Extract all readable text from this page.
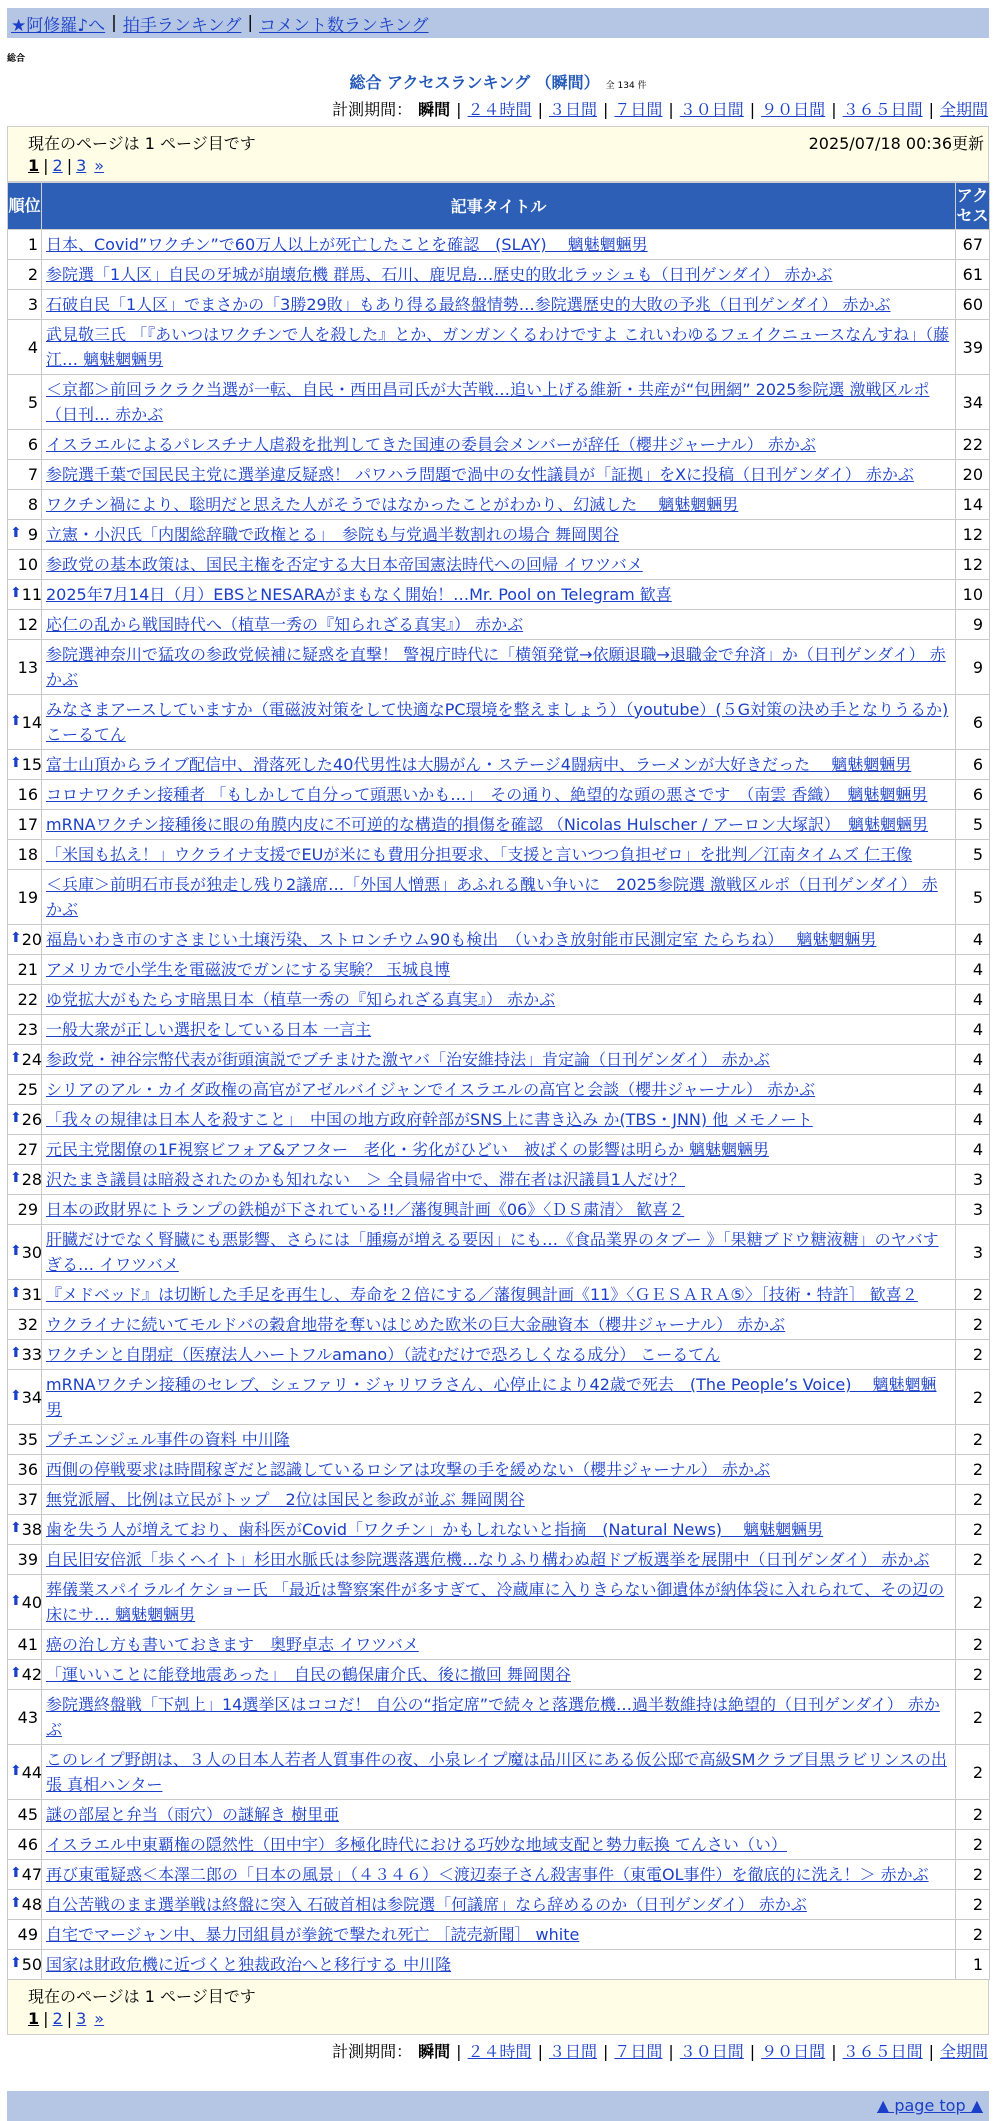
★阿修羅♪へ | 拍手ランキング | コメント数ランキング
総合
総合 アクセスランキング （瞬間） 全 134 件
計測期間： 瞬間 | ２４時間 | ３日間 | ７日間 | ３０日間 | ９０日間 | ３６５日間 | 全期間
現在のページは 1 ページ目です	2025/07/18 00:36更新
1 | 2 | 3 »
順位	記事タイトル	アクセス
1	日本、Covid”ワクチン”で60万人以上が死亡したことを確認　(SLAY)　 魑魅魍魎男	67
2	参院選「1人区」自民の牙城が崩壊危機 群馬、石川、鹿児島…歴史的敗北ラッシュも（日刊ゲンダイ） 赤かぶ	61
3	石破自民「1人区」でまさかの「3勝29敗」もあり得る最終盤情勢…参院選歴史的大敗の予兆（日刊ゲンダイ） 赤かぶ	60
4	武見敬三氏 「『あいつはワクチンで人を殺した』とか、ガンガンくるわけですよ これいわゆるフェイクニュースなんすね」（藤江… 魑魅魍魎男	39
5	＜京都＞前回ラクラク当選が一転、自民・西田昌司氏が大苦戦…追い上げる維新・共産が“包囲網” 2025参院選 激戦区ルポ（日刊… 赤かぶ	34
6	イスラエルによるパレスチナ人虐殺を批判してきた国連の委員会メンバーが辞任（櫻井ジャーナル） 赤かぶ	22
7	参院選千葉で国民民主党に選挙違反疑惑！ パワハラ問題で渦中の女性議員が「証拠」をXに投稿（日刊ゲンダイ） 赤かぶ	20
8	ワクチン禍により、聡明だと思えた人がそうではなかったことがわかり、幻滅した　 魑魅魍魎男	14

⬆ 9	立憲・小沢氏「内閣総辞職で政権とる」　参院も与党過半数割れの場合 舞岡関谷	12
10	参政党の基本政策は、国民主権を否定する大日本帝国憲法時代への回帰 イワツバメ	12

⬆ 11	2025年7月14日（月）EBSとNESARAがまもなく開始！…Mr. Pool on Telegram 歓喜	10
12	応仁の乱から戦国時代へ（植草一秀の『知られざる真実』） 赤かぶ	9
13	参院選神奈川で猛攻の参政党候補に疑惑を直撃！ 警視庁時代に「横領発覚→依願退職→退職金で弁済」か（日刊ゲンダイ） 赤かぶ	9

⬆ 14	みなさまアースしていますか（電磁波対策をして快適なPC環境を整えましょう）（youtube）(５G対策の決め手となりうるか) こーるてん	6

⬆ 15	富士山頂からライブ配信中、滑落死した40代男性は大腸がん・ステージ4闘病中、ラーメンが大好きだった　 魑魅魍魎男	6
16	コロナワクチン接種者 「もしかして自分って頭悪いかも…」　その通り、絶望的な頭の悪さです　（南雲 香織）　魑魅魍魎男	6
17	mRNAワクチン接種後に眼の角膜内皮に不可逆的な構造的損傷を確認 （Nicolas Hulscher / アーロン大塚訳）　魑魅魍魎男	5
18	「米国も払え！」ウクライナ支援でEUが米にも費用分担要求、「支援と言いつつ負担ゼロ」を批判／江南タイムズ 仁王像	5
19	＜兵庫＞前明石市長が独走し残り2議席…「外国人憎悪」あふれる醜い争いに　2025参院選 激戦区ルポ（日刊ゲンダイ） 赤かぶ	5

⬆ 20	福島いわき市のすさまじい土壌汚染、ストロンチウム90も検出　（いわき放射能市民測定室 たらちね）　 魑魅魍魎男	4
21	アメリカで小学生を電磁波でガンにする実験？ 玉城良博	4
22	ゆ党拡大がもたらす暗黒日本（植草一秀の『知られざる真実』） 赤かぶ	4
23	一般大衆が正しい選択をしている日本 一言主	4

⬆ 24	参政党・神谷宗幣代表が街頭演説でブチまけた激ヤバ「治安維持法」肯定論（日刊ゲンダイ） 赤かぶ	4
25	シリアのアル・カイダ政権の高官がアゼルバイジャンでイスラエルの高官と会談（櫻井ジャーナル） 赤かぶ	4

⬆ 26	「我々の規律は日本人を殺すこと」　中国の地方政府幹部がSNS上に書き込み か(TBS・JNN) 他 メモノート	4
27	元民主党閣僚の1F視察ビフォア&アフター　老化・劣化がひどい　被ばくの影響は明らか 魑魅魍魎男	4

⬆ 28	沢たまき議員は暗殺されたのかも知れない　＞ 全員帰省中で、滞在者は沢議員1人だけ？	3
29	日本の政財界にトランプの鉄槌が下されている!!／藩復興計画《06》〈ＤＳ粛清〉 歓喜２	3

⬆ 30	肝臓だけでなく腎臓にも悪影響、さらには「腫瘍が増える要因」にも…《食品業界のタブー 》「果糖ブドウ糖液糖」のヤバすぎる… イワツバメ	3

⬆ 31	『メドベッド』は切断した手足を再生し、寿命を２倍にする／藩復興計画《11》〈ＧＥＳＡＲＡ⑤〉［技術・特許］ 歓喜２	2
32	ウクライナに続いてモルドバの穀倉地帯を奪いはじめた欧米の巨大金融資本（櫻井ジャーナル） 赤かぶ	2

⬆ 33	ワクチンと自閉症（医療法人ハートフルamano）（読むだけで恐ろしくなる成分） こーるてん	2

⬆ 34	mRNAワクチン接種のセレブ、シェファリ・ジャリワラさん、心停止により42歳で死去　(The People’s Voice)　 魑魅魍魎男	2
35	プチエンジェル事件の資料 中川隆	2
36	西側の停戦要求は時間稼ぎだと認識しているロシアは攻撃の手を緩めない（櫻井ジャーナル） 赤かぶ	2
37	無党派層、比例は立民がトップ　2位は国民と参政が並ぶ 舞岡関谷	2

⬆ 38	歯を失う人が増えており、歯科医がCovid「ワクチン」かもしれないと指摘　(Natural News)　 魑魅魍魎男	2
39	自民旧安倍派「歩くヘイト」杉田水脈氏は参院選落選危機…なりふり構わぬ超ドブ板選挙を展開中（日刊ゲンダイ） 赤かぶ	2

⬆ 40	葬儀業スパイラルイケショー氏 「最近は警察案件が多すぎて、冷蔵庫に入りきらない御遺体が納体袋に入れられて、その辺の床にサ… 魑魅魍魎男	2
41	癌の治し方も書いておきます　奥野卓志 イワツバメ	2

⬆ 42	「運いいことに能登地震あった」　自民の鶴保庸介氏、後に撤回 舞岡関谷	2
43	参院選終盤戦「下剋上」14選挙区はココだ！ 自公の“指定席”で続々と落選危機…過半数維持は絶望的（日刊ゲンダイ） 赤かぶ	2

⬆ 44	このレイプ野朗は、３人の日本人若者人質事件の夜、小泉レイプ魔は品川区にある仮公邸で高級SMクラブ目黒ラビリンスの出張 真相ハンター	2
45	謎の部屋と弁当（雨穴）の謎解き 樹里亜	2
46	イスラエル中東覇権の隠然性（田中宇）多極化時代における巧妙な地域支配と勢力転換 てんさい（い）	2

⬆ 47	再び東電疑惑＜本澤二郎の「日本の風景」（４３４６）＜渡辺泰子さん殺害事件（東電OL事件）を徹底的に洗え！＞ 赤かぶ	2

⬆ 48	自公苦戦のまま選挙戦は終盤に突入 石破首相は参院選「何議席」なら辞めるのか（日刊ゲンダイ） 赤かぶ	2
49	自宅でマージャン中、暴力団組員が拳銃で撃たれ死亡 ［読売新聞］ white	2

⬆ 50	国家は財政危機に近づくと独裁政治へと移行する 中川隆	1
現在のページは 1 ページ目です
1 | 2 | 3 »
計測期間： 瞬間 | ２４時間 | ３日間 | ７日間 | ３０日間 | ９０日間 | ３６５日間 | 全期間
▲ page top ▲
